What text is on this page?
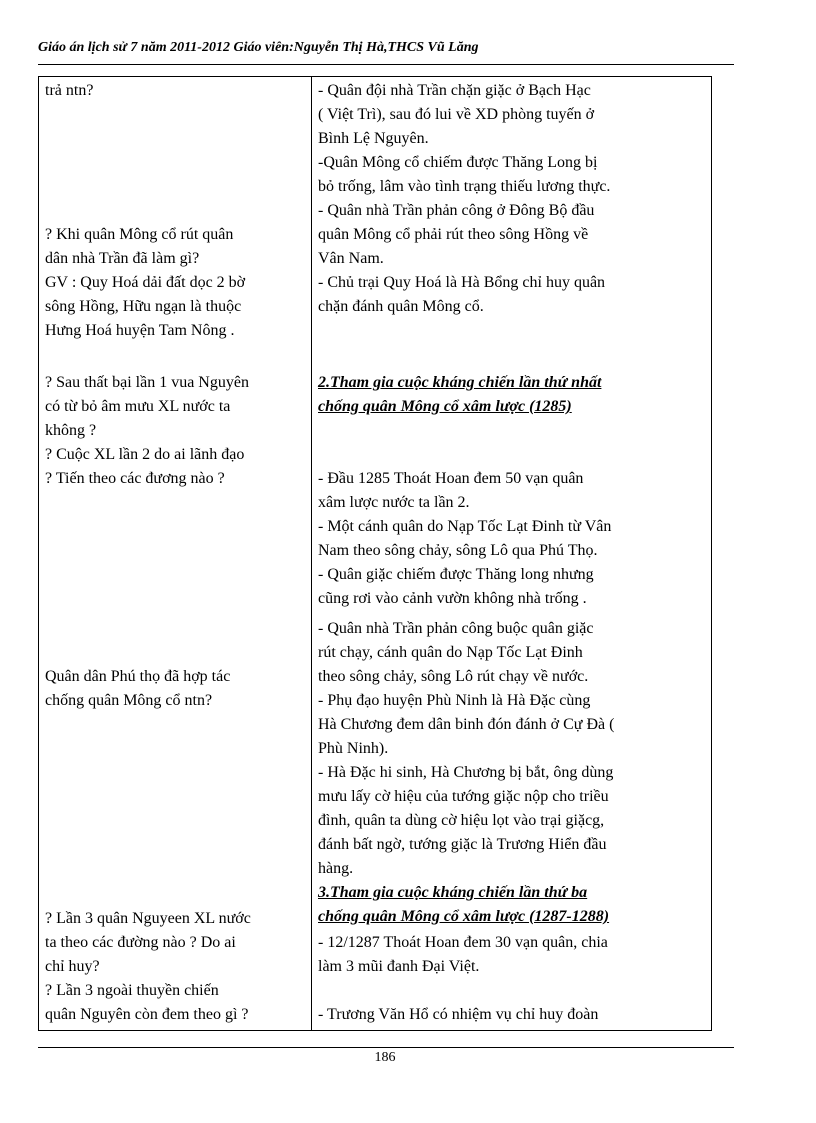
Giáo án lịch sử 7 năm 2011-2012 Giáo viên:Nguyễn Thị Hà,THCS Vũ Lăng
trả ntn?
? Khi quân Mông cổ rút quân
dân nhà Trần đã làm gì?
GV : Quy Hoá dải đất dọc 2 bờ
sông Hồng, Hữu ngạn là thuộc
Hưng Hoá huyện Tam Nông .
? Sau thất bại lần 1 vua Nguyên
có từ bỏ âm mưu XL nước ta
không ?
? Cuộc XL lần 2 do ai lãnh đạo
? Tiến theo các đương nào ?
Quân dân Phú thọ đã hợp tác
chống quân Mông cổ ntn?
? Lần 3 quân Nguyeen XL nước
ta theo các đường nào ? Do ai
chỉ huy?
? Lần 3 ngoài thuyền chiến
quân Nguyên còn đem theo gì ?
- Quân đội nhà Trần chặn giặc ở Bạch Hạc
( Việt Trì), sau đó lui về XD phòng tuyến ở
Bình Lệ Nguyên.
-Quân Mông cổ chiếm được Thăng Long bị
bỏ trống, lâm vào tình trạng thiếu lương thực.
- Quân nhà Trần phản công ở Đông Bộ đầu
quân Mông cổ phải rút theo sông Hồng về
Vân Nam.
- Chủ trại Quy Hoá là Hà Bổng chỉ huy quân
chặn đánh quân Mông cổ.
2.Tham gia cuộc kháng chiến lần thứ nhất
chống quân Mông cổ xâm lược (1285)
- Đầu 1285 Thoát Hoan đem 50 vạn quân
xâm lược nước ta lần 2.
- Một cánh quân do Nạp Tốc Lạt Đinh từ Vân
Nam theo sông chảy, sông Lô qua Phú Thọ.
- Quân giặc chiếm được Thăng long nhưng
cũng rơi vào cảnh vườn không nhà trống .
- Quân nhà Trần phản công buộc quân giặc
rút chạy, cánh quân do Nạp Tốc Lạt Đinh
theo sông chảy, sông Lô rút chạy về nước.
- Phụ đạo huyện Phù Ninh là Hà Đặc cùng
Hà Chương đem dân binh đón đánh ở Cự Đà (
Phù Ninh).
- Hà Đặc hi sinh, Hà Chương bị bắt, ông dùng
mưu lấy cờ hiệu của tướng giặc nộp cho triều
đình, quân ta dùng cờ hiệu lọt vào trại giặcg,
đánh bất ngờ, tướng giặc là Trương Hiển đầu
hàng.
3.Tham gia cuộc kháng chiến lần thứ ba
chống quân Mông cổ xâm lược (1287-1288)
- 12/1287 Thoát Hoan đem 30 vạn quân, chia
làm 3 mũi đanh Đại Việt.
- Trương Văn Hổ có nhiệm vụ chỉ huy đoàn
186
